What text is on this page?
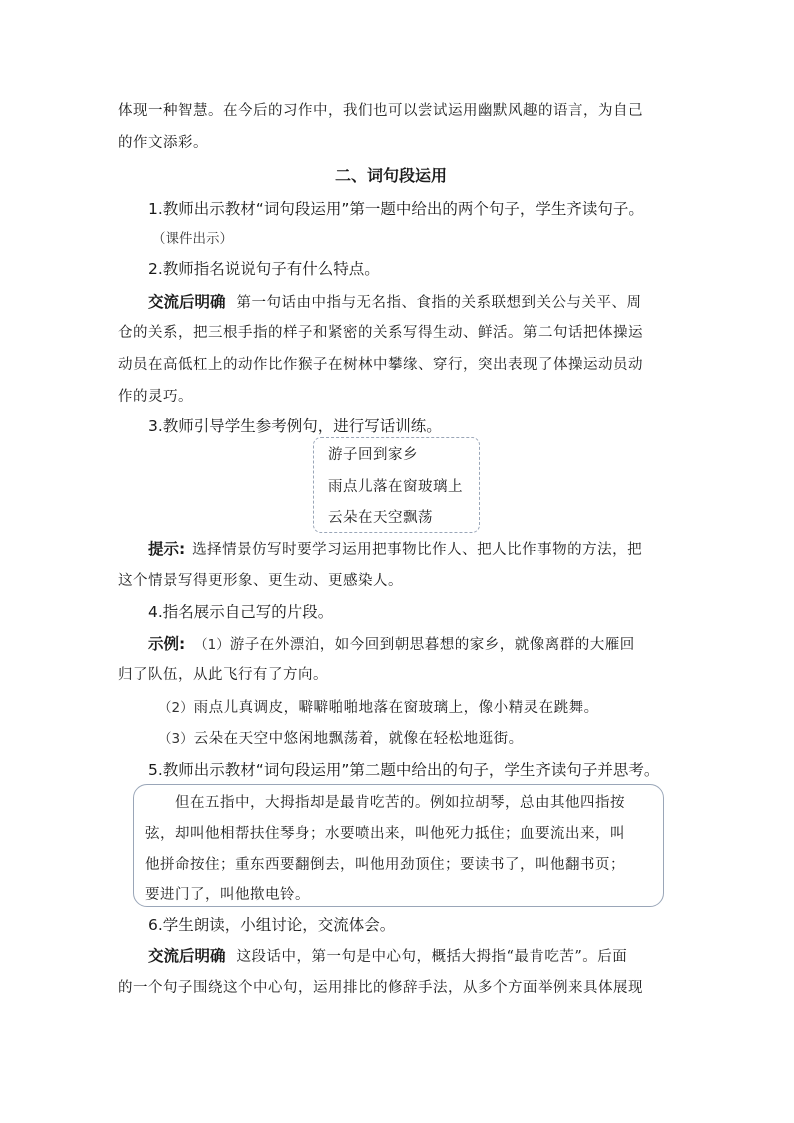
体现一种智慧。在今后的习作中，我们也可以尝试运用幽默风趣的语言，为自己
的作文添彩。
二、词句段运用
1.教师出示教材“词句段运用”第一题中给出的两个句子，学生齐读句子。
（课件出示）
2.教师指名说说句子有什么特点。
交流后明确 第一句话由中指与无名指、食指的关系联想到关公与关平、周
仓的关系，把三根手指的样子和紧密的关系写得生动、鲜活。第二句话把体操运
动员在高低杠上的动作比作猴子在树林中攀缘、穿行，突出表现了体操运动员动
作的灵巧。
3.教师引导学生参考例句，进行写话训练。
游子回到家乡
雨点儿落在窗玻璃上
云朵在天空飘荡
提示: 选择情景仿写时要学习运用把事物比作人、把人比作事物的方法，把
这个情景写得更形象、更生动、更感染人。
4.指名展示自己写的片段。
示例: （1）游子在外漂泊，如今回到朝思暮想的家乡，就像离群的大雁回
归了队伍，从此飞行有了方向。
（2）雨点儿真调皮，噼噼啪啪地落在窗玻璃上，像小精灵在跳舞。
（3）云朵在天空中悠闲地飘荡着，就像在轻松地逛街。
5.教师出示教材“词句段运用”第二题中给出的句子，学生齐读句子并思考。
但在五指中，大拇指却是最肯吃苦的。例如拉胡琴，总由其他四指按
弦，却叫他相帮扶住琴身；水要喷出来，叫他死力抵住；血要流出来，叫
他拼命按住；重东西要翻倒去，叫他用劲顶住；要读书了，叫他翻书页；
要进门了，叫他揿电铃。
6.学生朗读，小组讨论，交流体会。
交流后明确 这段话中，第一句是中心句，概括大拇指“最肯吃苦”。后面
的一个句子围绕这个中心句，运用排比的修辞手法，从多个方面举例来具体展现
